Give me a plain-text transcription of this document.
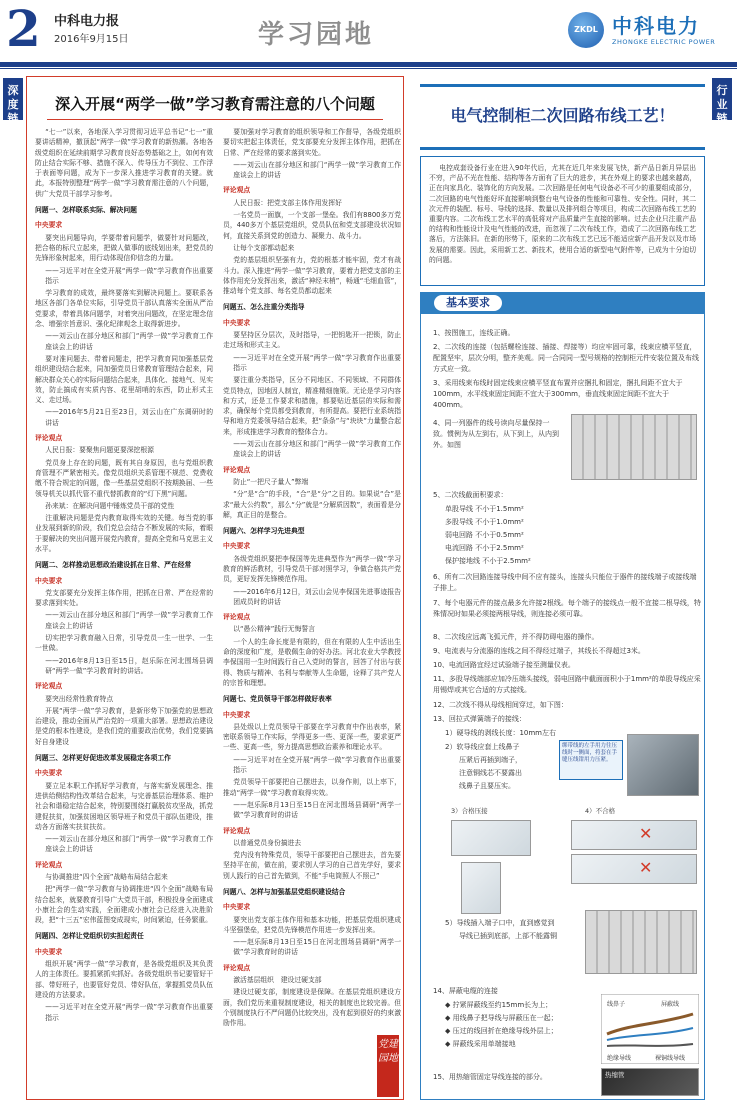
2 中科电力报
2016年9月15日	学习园地	ZKDL 中科电力
ZHONGKE ELECTRIC POWER
深度链接
行业链接
深入开展“两学一做”学习教育需注意的八个问题

“七一”以来，各地深入学习贯彻习近平总书记“七一”重要讲话精神，撤顶起“两学一做”学习教育的新热潮。各地各级党组织在延续前期学习教育良好态势基础之上，如何有效防止结合实际不够、措施不深入、传导压力不到位、工作浮于表面等问题，成为下一步深入推进学习教育的关键。就此，本报特别整理“两学一做”学习教育需注意的八个问题，供广大党员干部学习参考。

问题一、怎样联系实际、解决问题

中央要求

要突出问题导向，学要带着问题学，做要针对问题改，把合格的标尺立起来，把做人做事的底线划出来，把党员的先锋形象树起来，用行动体现信仰信念的力量。

——习近平对在全党开展“两学一做”学习教育作出重要指示

学习教育的成效，最终要落实到解决问题上。要联系各地区各部门各单位实际，引导党员干部认真落实全面从严治党要求，带着具体问题学，对着突出问题改，在坚定理念信念、增强宗旨意识、强化纪律观念上取得新进步。

——刘云山在部分地区和部门“两学一做”学习教育工作座谈会上的讲话

要对准问题去、带着问题走，把学习教育同加强基层党组织建设结合起来，同加强党员日常教育管理结合起来，同解决群众关心的实际问题结合起来，具体化、接地气、见实效，防止搞成有实质内容、花里胡哨的东西，防止形式主义、走过场。

——2016年5月21日至23日，刘云山在广东调研时的讲话

评论观点

人民日报：要聚焦问题更要深挖根源

党员身上存在的问题，既有其自身原因，也与党组织教育管理不严紧密相关。像党员组织关系管理不规范、党费收缴不符合规定的问题，像一些基层党组织不按期换届、一些领导机关以抓代管不重代替抓教育的“灯下黑”问题。

孙来斌：在解决问题中锤炼党员干部的党性

注重解决问题是党内教育取得实效的关键。每当党的事业发展到新的阶段，我们党总会结合不断发展的实际，着眼于要解决的突出问题开展党内教育，提高全党和马克思主义水平。

问题二、怎样推动思想政治建设抓在日常、严在经常

中央要求

党支部要充分发挥主体作用，把抓在日常、严在经常的要求落到实处。

——刘云山在部分地区和部门“两学一做”学习教育工作座谈会上的讲话

切实把学习教育融入日常，引导党员一生一世学、一生一世做。

——2016年8月13日至15日，赵乐际在河北围场县调研“两学一做”学习教育时的讲话。

评论观点

要突出经常性教育特点

开展“两学一做”学习教育，是新形势下加强党的思想政治建设，推动全面从严治党的一项重大部署。思想政治建设是党的根本性建设，是我们党的重要政治优势，我们党要搞好自身建设

问题三、怎样更好促进改革发展稳定各项工作

中央要求

要立足本职工作抓好学习教育，与落实新发展理念、推进供给侧结构性改革结合起来，与完善基层治理体系、维护社会和谐稳定结合起来，特别要围绕打赢脱贫攻坚战，抓党建促扶贫，加强贫困地区领导班子和党员干部队伍建设，推动各方面落实扶贫扶贫。

——刘云山在部分地区和部门“两学一做”学习教育工作座谈会上的讲话

评论观点

与协调推进“四个全面”战略布局结合起来

把“两学一做”学习教育与协调推进“四个全面”战略布局结合起来，就要教育引导广大党员干部，积极投身全面建成小康社会的生动实践，全面建成小康社会已经进入决胜阶段，把“十三五”宏伟蓝图变成现实，时间紧迫，任务繁重。

问题四、怎样让党组织切实担起责任

中央要求

组织开展“两学一做”学习教育，是各级党组织及其负责人的主体责任。要抓紧抓实抓好。各级党组织书记要管好干部、带好班子，也要管好党员、带好队伍，掌握抓党员队伍建设的方法要求。

——习近平对在全党开展“两学一做”学习教育作出重要指示

要加强对学习教育的组织领导和工作督导，各级党组织要切实把起主体责任，党支部要充分发挥主体作用，把抓在日常、严在经常的要求落到实处。

——刘云山在部分地区和部门“两学一做”学习教育工作座谈会上的讲话

评论观点

人民日报：把党支部主体作用发挥好

一名党员一面旗，一个支部一堡垒。我们有8800多万党员，440多万个基层党组织，党员队伍和党支部建设状况如何，直接关系到党的创造力、凝聚力、战斗力。

让每个支部都动起来

党的基层组织坚强有力，党的根基才能牢固，党才有战斗力。深入推进“两学一做”学习教育，要着力把党支部的主体作用充分发挥出来，激活“神经末梢”，畅通“毛细血管”，推动每个党支部、每名党员都动起来

问题五、怎么注重分类指导

中央要求

要坚持区分层次，及时指导，一把钥匙开一把锁，防止走过场和形式主义。

——习近平对在全党开展“两学一做”学习教育作出重要指示

要注重分类指导，区分不同地区、不同领域、不同群体党员特点，因地因人制宜，精准精细施策。无论是学习内容和方式，还是工作要求和措施，都要贴近基层的实际和需求，确保每个党员都受到教育，有所提高。要把行业系统指导和地方党委领导结合起来，把“条条”与“块块”力量整合起来，形成推进学习教育的整体合力。

——刘云山在部分地区和部门“两学一做”学习教育工作座谈会上的讲话

评论观点

防止“一把尺子量人”弊端

“分”是“合”的手段，“合”是“分”之目的。如果说“合”是求“最大公约数”，那么“分”就是“分解质因数”，表面看是分解，真正目的是整合。

问题六、怎样学习先进典型

中央要求

各级党组织要把李保国等先进典型作为“两学一做”学习教育的鲜活教材，引导党员干部对照学习，争做合格共产党员，更好发挥先锋模范作用。

——2016年6月12日，刘云山会见李保国先进事迹报告团成员时的讲话

评论观点

以“愚公精神”践行无悔誓言

一个人的生命长度是有限的，但在有限的人生中活出生命的深度和广度，是敬佩生命的好办法。河北农业大学教授李保国用一生时间践行自己入党时的誓言，回答了付出与获得、物质与精神、名利与奉献等人生命题，诠释了共产党人的宗旨和理想。

问题七、党员领导干部怎样做好表率

中央要求

县处级以上党员领导干部要在学习教育中作出表率，紧密联系领导工作实际，学得更多一些、更深一些，要求更严一些、更高一些，努力提高思想政治素养和理论水平。

——习近平对在全党开展“两学一做”学习教育作出重要指示

党员领导干部要把自己摆进去，以身作则，以上率下，推动“两学一做”学习教育取得实效。

——赵乐际8月13日至15日在河北围场县调研“两学一做”学习教育时的讲话

评论观点

以普通党员身份搞进去

党内没有特殊党员，领导干部要把自己摆进去，首先要坚持平在前，做在前，要求别人学习的自己首先学好，要求别人践行的自己首先做到，不能“手电筒照人不照己”

问题八、怎样与加强基层党组织建设结合

中央要求

要突出党支部主体作用和基本功能，把基层党组织建成斗坚强堡垒，把党员先锋模范作用进一步发挥出来。

——赵乐际8月13日至15日在河北围场县调研“两学一做”学习教育时的讲话

评论观点

激活基层组织　建设过硬支部

建设过硬支部，制度建设是保障。在基层党组织建设方面，我们党历来重视制度建设，相关的制度也比较完善。但个别制度执行不严问题仍比较突出，没有起到很好的约束激励作用。

党建园地
电气控制柜二次回路布线工艺！
电控成套设备行业在进入90年代后，尤其在近几年来发展飞快，新产品日新月异层出不穷，产品不光在性能、结构等各方面有了巨大的进步，其在外观上的要求也越来越高，正在向家具化、装饰化的方向发展。二次回路是任何电气设备必不可少的重要组成部分，二次回路的电气性能好坏直接影响到整台电气设备的性能和可靠性、安全性。同时，其二次元件的装配、标号、导线的选择、数量以及排列组合等项目，构成二次回路布线工艺的重要内容。二次布线工艺水平的高低将对产品质量产生直接的影响。过去企业只注重产品的结构和性能设计及电气性能的改进，而忽视了二次布线工作，造成了二次回路布线工艺落后，方法陈旧。在新的形势下，原来的二次布线工艺已远不能适应新产品开发以及市场发展的需要。因此，采用新工艺、新技术，使用合适的新型电气附件等，已成为十分迫切的问题。
基本要求
1、按图施工，连线正确。
2、二次线的连接（包括螺栓连接、插接、焊接等）均应牢固可靠，线束应横平竖直，配置坚牢，层次分明，整齐美观。同一合同同一型号规格的控制柜元件安装位置及布线方式应一致。
3、采用线束布线时固定线束应横平竖直布置并应捆扎和固定，捆扎间距不宜大于100mm，水平线束固定间距不宜大于300mm，垂直线束固定间距不宜大于400mm。
4、同一列器件的线号读向尽量保持一致。惯例为从左到右，从下到上，从内到外。如图
5、二次线截面积要求：
单股导线 不小于1.5mm²
多股导线 不小于1.0mm²
弱电回路 不小于0.5mm²
电流回路 不小于2.5mm²
保护接地线 不小于2.5mm²
6、所有二次回路连接导线中间不应有接头，连接头只能位于器件的接线端子或接线端子排上。
7、每个电器元件的接点最多允许接2根线。每个端子的接线点一般不宜接二根导线，特殊情况时如果必须接两根导线，则连接必须可靠。
8、二次线应远离飞弧元件，并不得防碍电器的操作。
9、电流表与分流器的连线之间不得经过端子，其线长不得超过3米。
10、电流回路宜经过试验端子接至测量仪表。
11、多股导线端部应加冷压端头接线，弱电回路中截面面积小于1mm²的单股导线应采用锡焊或其它合适的方式接线。
12、二次线不得从母线相间穿过，如下图：
13、回拉式弹簧端子的接线：
1）硬导线的剥线长度：10mm左右
2）软导线应套上线鼻子
　　压紧后再插到端子，
　　注意铜线芯不要露出
　　线鼻子且要压实。
绑带线的左手用力往压线时一侧面，将套在手缝压线钳用力压紧。
3）合格压接	4）不合格
✕
✕
5）导线插入端子口中，直到感觉到
　　导线已插到底部，上部不能露铜
14、屏蔽电缆的连接
◆ 拧紧屏蔽线至约15mm长为上；
◆ 用线鼻子把导线与屏蔽压在一起；
◆ 压过的线回折在绝缘导线外层上；
◆ 屏蔽线采用单端接地
线鼻子	屏蔽线
绝缘导线	裸铜线导线
15、用热缩管固定导线连接的部分。	热缩管
